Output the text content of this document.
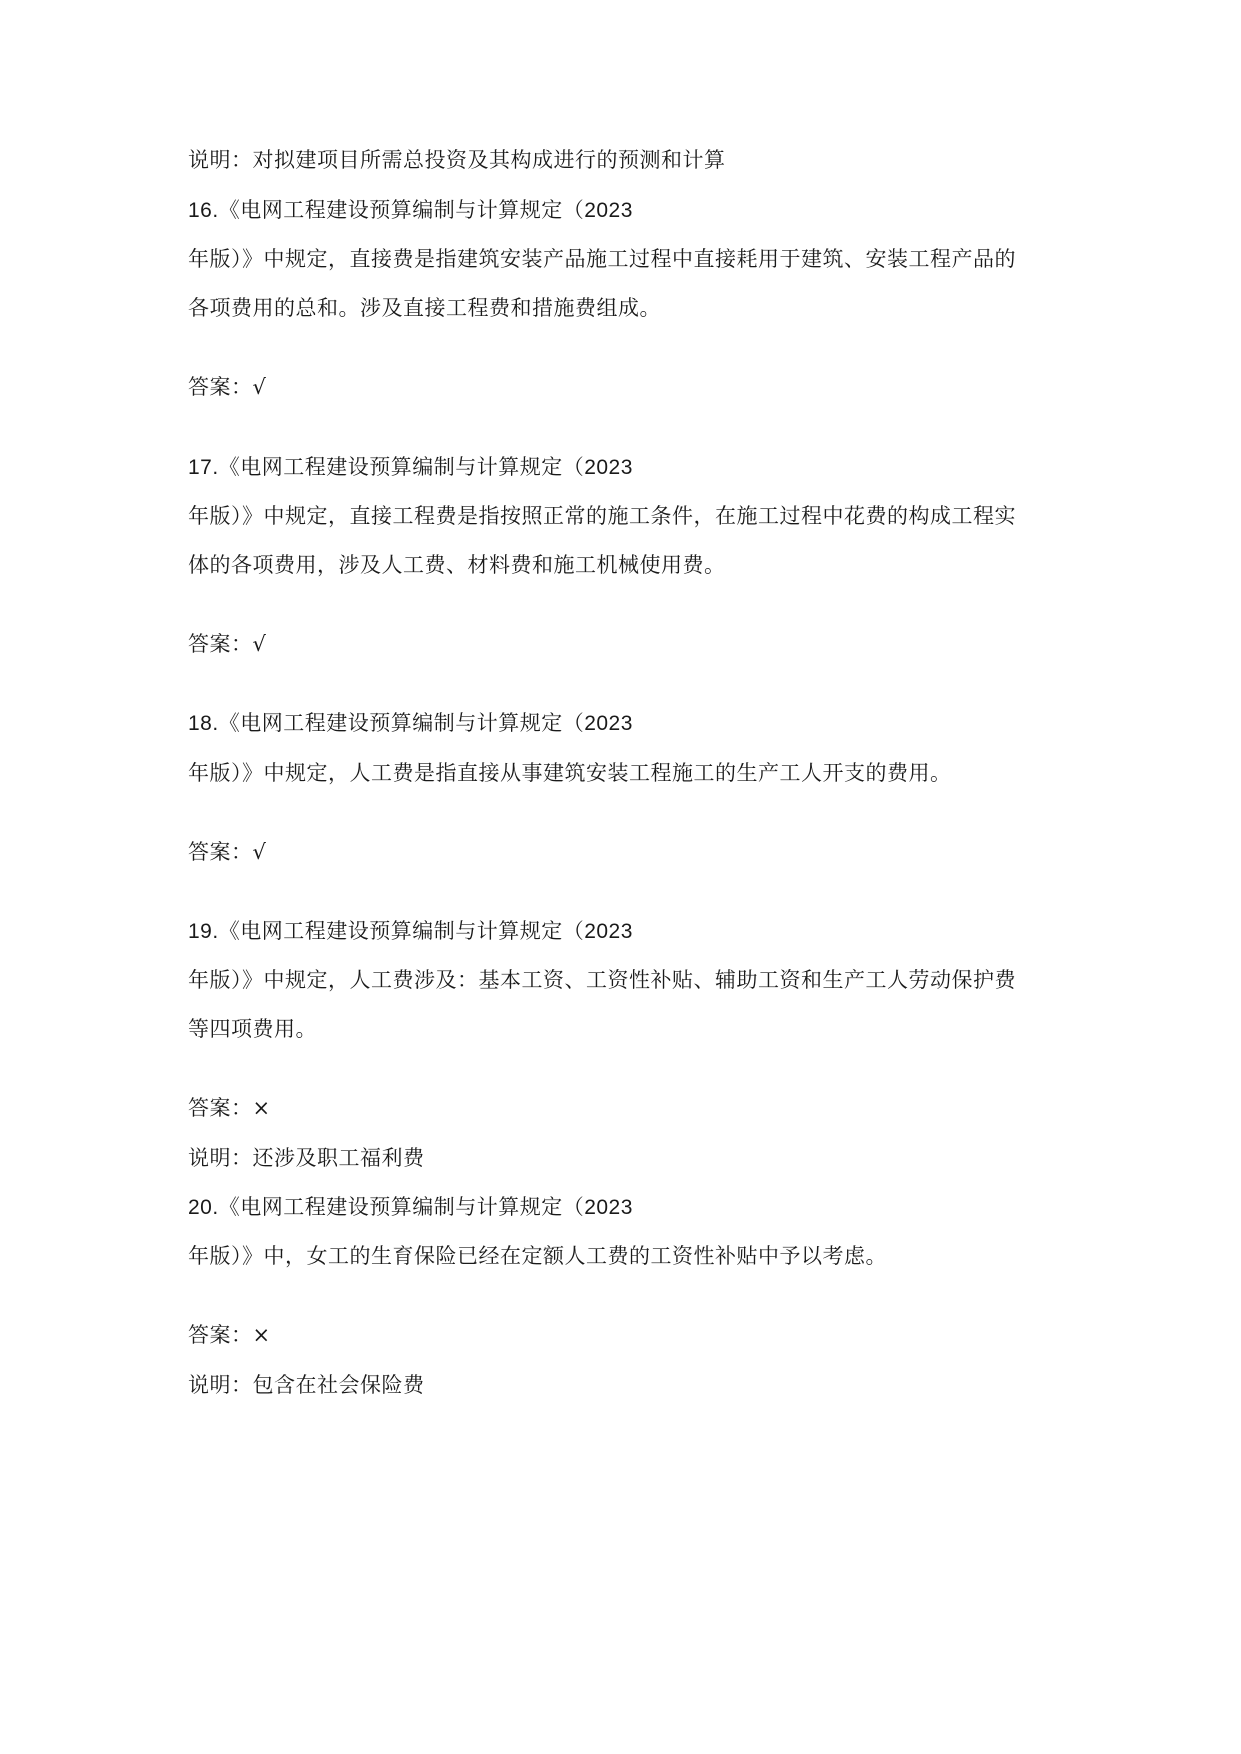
说明：对拟建项目所需总投资及其构成进行的预测和计算
16.《电网工程建设预算编制与计算规定（2023
年版）》中规定，直接费是指建筑安装产品施工过程中直接耗用于建筑、安装工程产品的
各项费用的总和。涉及直接工程费和措施费组成。
答案：√
17.《电网工程建设预算编制与计算规定（2023
年版）》中规定，直接工程费是指按照正常的施工条件，在施工过程中花费的构成工程实
体的各项费用，涉及人工费、材料费和施工机械使用费。
答案：√
18.《电网工程建设预算编制与计算规定（2023
年版）》中规定，人工费是指直接从事建筑安装工程施工的生产工人开支的费用。
答案：√
19.《电网工程建设预算编制与计算规定（2023
年版）》中规定，人工费涉及：基本工资、工资性补贴、辅助工资和生产工人劳动保护费
等四项费用。
答案：×
说明：还涉及职工福利费
20.《电网工程建设预算编制与计算规定（2023
年版）》中，女工的生育保险已经在定额人工费的工资性补贴中予以考虑。
答案：×
说明：包含在社会保险费
